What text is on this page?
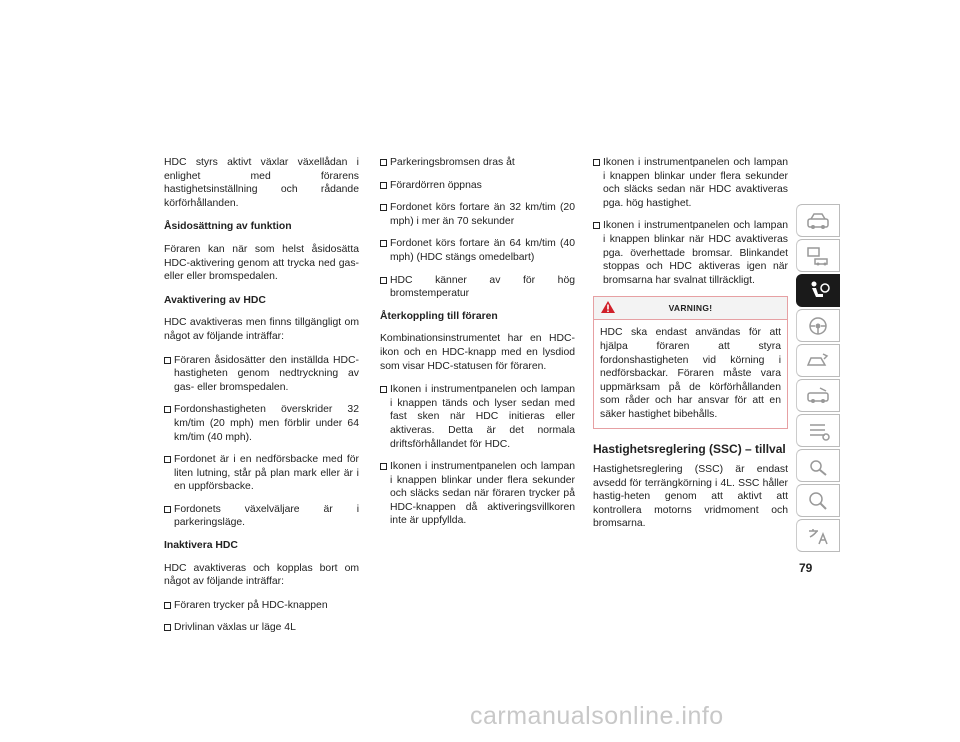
HDC styrs aktivt växlar växellådan i enlighet med förarens hastighetsinställning och rådande körförhållanden.

Åsidosättning av funktion

Föraren kan när som helst åsidosätta HDC-aktivering genom att trycka ned gas- eller eller bromspedalen.

Avaktivering av HDC

HDC avaktiveras men finns tillgängligt om något av följande inträffar:

Föraren åsidosätter den inställda HDC-hastigheten genom nedtryckning av gas- eller bromspedalen.
Fordonshastigheten överskrider 32 km/tim (20 mph) men förblir under 64 km/tim (40 mph).
Fordonet är i en nedförsbacke med för liten lutning, står på plan mark eller är i en uppförsbacke.
Fordonets växelväljare är i parkeringsläge.

Inaktivera HDC

HDC avaktiveras och kopplas bort om något av följande inträffar:

Föraren trycker på HDC-knappen
Drivlinan växlas ur läge 4L
Parkeringsbromsen dras åt
Förardörren öppnas
Fordonet körs fortare än 32 km/tim (20 mph) i mer än 70 sekunder
Fordonet körs fortare än 64 km/tim (40 mph) (HDC stängs omedelbart)
HDC känner av för hög bromstemperatur

Återkoppling till föraren

Kombinationsinstrumentet har en HDC-ikon och en HDC-knapp med en lysdiod som visar HDC-statusen för föraren.

Ikonen i instrumentpanelen och lampan i knappen tänds och lyser sedan med fast sken när HDC initieras eller aktiveras. Detta är det normala driftsförhållandet för HDC.
Ikonen i instrumentpanelen och lampan i knappen blinkar under flera sekunder och släcks sedan när föraren trycker på HDC-knappen då aktiveringsvillkoren inte är uppfyllda.
Ikonen i instrumentpanelen och lampan i knappen blinkar under flera sekunder och släcks sedan när HDC avaktiveras pga. hög hastighet.
Ikonen i instrumentpanelen och lampan i knappen blinkar när HDC avaktiveras pga. överhettade bromsar. Blinkandet stoppas och HDC aktiveras igen när bromsarna har svalnat tillräckligt.
VARNING!
HDC ska endast användas för att hjälpa föraren att styra fordonshastigheten vid körning i nedförsbackar. Föraren måste vara uppmärksam på de körförhållanden som råder och har ansvar för att en säker hastighet bibehålls.

Hastighetsreglering (SSC) – tillval

Hastighetsreglering (SSC) är endast avsedd för terrängkörning i 4L. SSC håller hastig-heten genom att aktivt att kontrollera motorns vridmoment och bromsarna.

79
carmanualsonline.info
